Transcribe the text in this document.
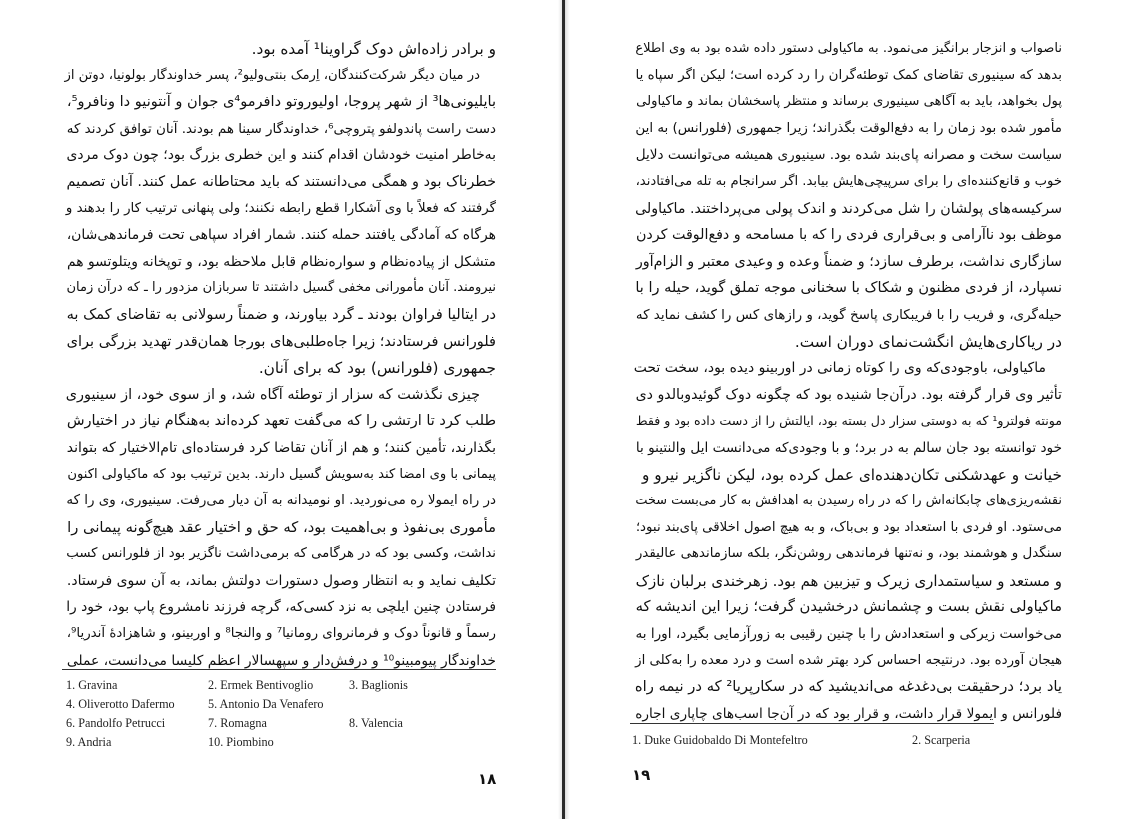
و برادر زاده‌اش دوک گراوینا¹ آمده بود.
در میان دیگر شرکت‌کنندگان، اِرمک بنتی‌ولیو²، پسر خداوندگار بولونیا، دوتن از
بایلیونی‌ها³ از شهر پروجا، اولیوروتو دافرمو⁴ی جوان و آنتونیو دا ونافرو⁵،
دست راست پاندولفو پتروچی⁶، خداوندگار سینا هم بودند. آنان توافق کردند که
به‌خاطر امنیت خودشان اقدام کنند و این خطری بزرگ بود؛ چون دوک مردی
خطرناک بود و همگی می‌دانستند که باید محتاطانه عمل کنند. آنان تصمیم
گرفتند که فعلاً با وی آشکارا قطع رابطه نکنند؛ ولی پنهانی ترتیب کار را بدهند و
هرگاه که آمادگی یافتند حمله کنند. شمار افراد سپاهی تحت فرماندهی‌شان،
متشکل از پیاده‌نظام و سواره‌نظام قابل ملاحظه بود، و توپخانه ویتلوتسو هم
نیرومند. آنان مأمورانی مخفی گسیل داشتند تا سربازان مزدور را ـ که درآن زمان
در ایتالیا فراوان بودند ـ گرد بیاورند، و ضمناً رسولانی به تقاضای کمک به
فلورانس فرستادند؛ زیرا جاه‌طلبی‌های بورجا همان‌قدر تهدید بزرگی برای
جمهوری (فلورانس) بود که برای آنان.
چیزی نگذشت که سزار از توطئه آگاه شد، و از سوی خود، از سینیوری
طلب کرد تا ارتشی را که می‌گفت تعهد کرده‌اند به‌هنگام نیاز در اختیارش
بگذارند، تأمین کنند؛ و هم از آنان تقاضا کرد فرستاده‌ای تام‌الاختیار که بتواند
پیمانی با وی امضا کند به‌سویش گسیل دارند. بدین ترتیب بود که ماکیاولی اکنون
در راه ایمولا ره می‌نوردید. او نومیدانه به آن دیار می‌رفت. سینیوری، وی را که
مأموری بی‌نفوذ و بی‌اهمیت بود، که حق و اختیار عقد هیچ‌گونه پیمانی را
نداشت، وکسی بود که در هرگامی که برمی‌داشت ناگزیر بود از فلورانس کسب
تکلیف نماید و به انتظار وصول دستورات دولتش بماند، به آن سوی فرستاد.
فرستادن چنین ایلچی به نزد کسی‌که، گرچه فرزند نامشروع پاپ بود، خود را
رسماً و قانوناً دوک و فرمانروای رومانیا⁷ و والنجا⁸ و اوربینو، و شاهزادهٔ آندریا⁹،
خداوندگار پیومبینو¹⁰ و درفش‌دار و سپهسالار اعظم کلیسا می‌دانست، عملی
1. Gravina	2. Ermek Bentivoglio	3. Baglionis
4. Oliverotto Dafermo	5. Antonio Da Venafero
6. Pandolfo Petrucci	7. Romagna	8. Valencia
9. Andria	10. Piombino
۱۸
ناصواب و انزجار برانگیز می‌نمود. به ماکیاولی دستور داده شده بود به وی اطلاع
بدهد که سینیوری تقاضای کمک توطئه‌گران را رد کرده است؛ لیکن اگر سپاه یا
پول بخواهد، باید به آگاهی سینیوری برساند و منتظر پاسخشان بماند و ماکیاولی
مأمور شده بود زمان را به دفع‌الوقت بگذراند؛ زیرا جمهوری (فلورانس) به این
سیاست سخت و مصرانه پای‌بند شده بود. سینیوری همیشه می‌توانست دلایل
خوب و قانع‌کننده‌ای را برای سرپیچی‌هایش بیابد. اگر سرانجام به تله می‌افتادند،
سرکیسه‌های پولشان را شل می‌کردند و اندک پولی می‌پرداختند. ماکیاولی
موظف بود ناآرامی و بی‌قراری فردی را که با مسامحه و دفع‌الوقت کردن
سازگاری نداشت، برطرف سازد؛ و ضمناً وعده و وعیدی معتبر و الزام‌آور
نسپارد، از فردی مظنون و شکاک با سخنانی موجه تملق گوید، حیله را با
حیله‌گری، و فریب را با فریبکاری پاسخ گوید، و رازهای کس را کشف نماید که
در ریاکاری‌هایش انگشت‌نمای دوران است.
ماکیاولی، باوجودی‌که وی را کوتاه زمانی در اوربینو دیده بود، سخت تحت
تأثیر وی قرار گرفته بود. درآن‌جا شنیده بود که چگونه دوک گوئیدوبالدو دی
مونته فولترو¹ که به دوستی سزار دل بسته بود، ایالتش را از دست داده بود و فقط
خود توانسته بود جان سالم به در برد؛ و با وجودی‌که می‌دانست ایل والنتینو با
خیانت و عهدشکنی تکان‌دهنده‌ای عمل کرده بود، لیکن ناگزیر نیرو و
نقشه‌ریزی‌های چابکانه‌اش را که در راه رسیدن به اهدافش به کار می‌بست سخت
می‌ستود. او فردی با استعداد بود و بی‌باک، و به هیچ اصول اخلاقی پای‌بند نبود؛
سنگدل و هوشمند بود، و نه‌تنها فرماندهی روشن‌نگر، بلکه سازماندهی عالیقدر
و مستعد و سیاستمداری زیرک و تیزبین هم بود. زهرخندی برلبان نازک
ماکیاولی نقش بست و چشمانش درخشیدن گرفت؛ زیرا این اندیشه که
می‌خواست زیرکی و استعدادش را با چنین رقیبی به زورآزمایی بگیرد، اورا به
هیجان آورده بود. درنتیجه احساس کرد بهتر شده است و درد معده را به‌کلی از
یاد برد؛ درحقیقت بی‌دغدغه می‌اندیشید که در سکارپریا² که در نیمه راه
فلورانس و ایمولا قرار داشت، و قرار بود که در آن‌جا اسب‌های چاپاری اجاره
1. Duke Guidobaldo Di Montefeltro	2. Scarperia
۱۹
